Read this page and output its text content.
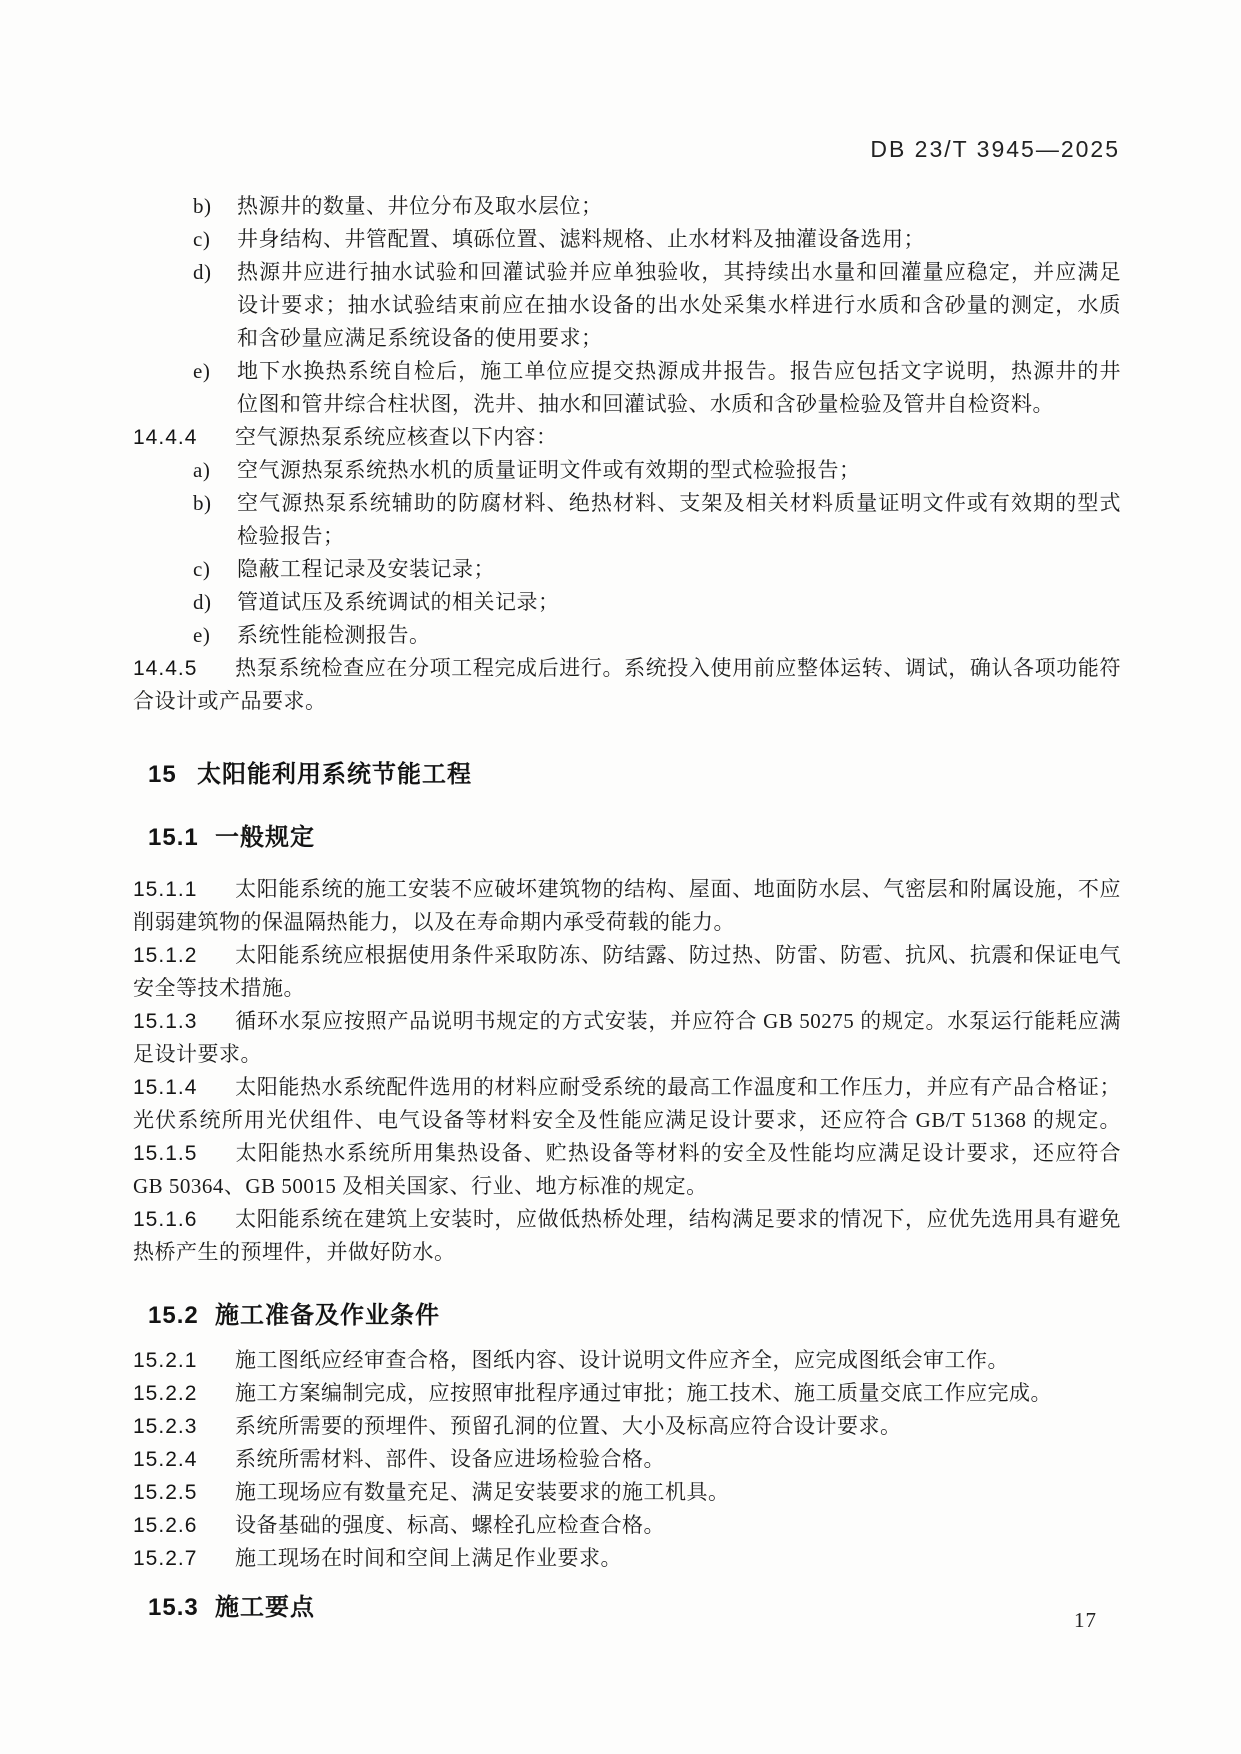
DB 23/T 3945—2025
b)	热源井的数量、井位分布及取水层位；
c)	井身结构、井管配置、填砾位置、滤料规格、止水材料及抽灌设备选用；
d)	热源井应进行抽水试验和回灌试验并应单独验收，其持续出水量和回灌量应稳定，并应满足
设计要求；抽水试验结束前应在抽水设备的出水处采集水样进行水质和含砂量的测定，水质
和含砂量应满足系统设备的使用要求；
e)	地下水换热系统自检后，施工单位应提交热源成井报告。报告应包括文字说明，热源井的井
位图和管井综合柱状图，洗井、抽水和回灌试验、水质和含砂量检验及管井自检资料。
14.4.4 空气源热泵系统应核查以下内容：
a)	空气源热泵系统热水机的质量证明文件或有效期的型式检验报告；
b)	空气源热泵系统辅助的防腐材料、绝热材料、支架及相关材料质量证明文件或有效期的型式
检验报告；
c)	隐蔽工程记录及安装记录；
d)	管道试压及系统调试的相关记录；
e)	系统性能检测报告。
14.4.5 热泵系统检查应在分项工程完成后进行。系统投入使用前应整体运转、调试，确认各项功能符
合设计或产品要求。
15 太阳能利用系统节能工程
15.1 一般规定
15.1.1 太阳能系统的施工安装不应破坏建筑物的结构、屋面、地面防水层、气密层和附属设施，不应
削弱建筑物的保温隔热能力，以及在寿命期内承受荷载的能力。
15.1.2 太阳能系统应根据使用条件采取防冻、防结露、防过热、防雷、防雹、抗风、抗震和保证电气
安全等技术措施。
15.1.3 循环水泵应按照产品说明书规定的方式安装，并应符合 GB 50275 的规定。水泵运行能耗应满
足设计要求。
15.1.4 太阳能热水系统配件选用的材料应耐受系统的最高工作温度和工作压力，并应有产品合格证；
光伏系统所用光伏组件、电气设备等材料安全及性能应满足设计要求，还应符合 GB/T 51368 的规定。
15.1.5 太阳能热水系统所用集热设备、贮热设备等材料的安全及性能均应满足设计要求，还应符合
GB 50364、GB 50015 及相关国家、行业、地方标准的规定。
15.1.6 太阳能系统在建筑上安装时，应做低热桥处理，结构满足要求的情况下，应优先选用具有避免
热桥产生的预埋件，并做好防水。
15.2 施工准备及作业条件
15.2.1 施工图纸应经审查合格，图纸内容、设计说明文件应齐全，应完成图纸会审工作。
15.2.2 施工方案编制完成，应按照审批程序通过审批；施工技术、施工质量交底工作应完成。
15.2.3 系统所需要的预埋件、预留孔洞的位置、大小及标高应符合设计要求。
15.2.4 系统所需材料、部件、设备应进场检验合格。
15.2.5 施工现场应有数量充足、满足安装要求的施工机具。
15.2.6 设备基础的强度、标高、螺栓孔应检查合格。
15.2.7 施工现场在时间和空间上满足作业要求。
15.3 施工要点	17
